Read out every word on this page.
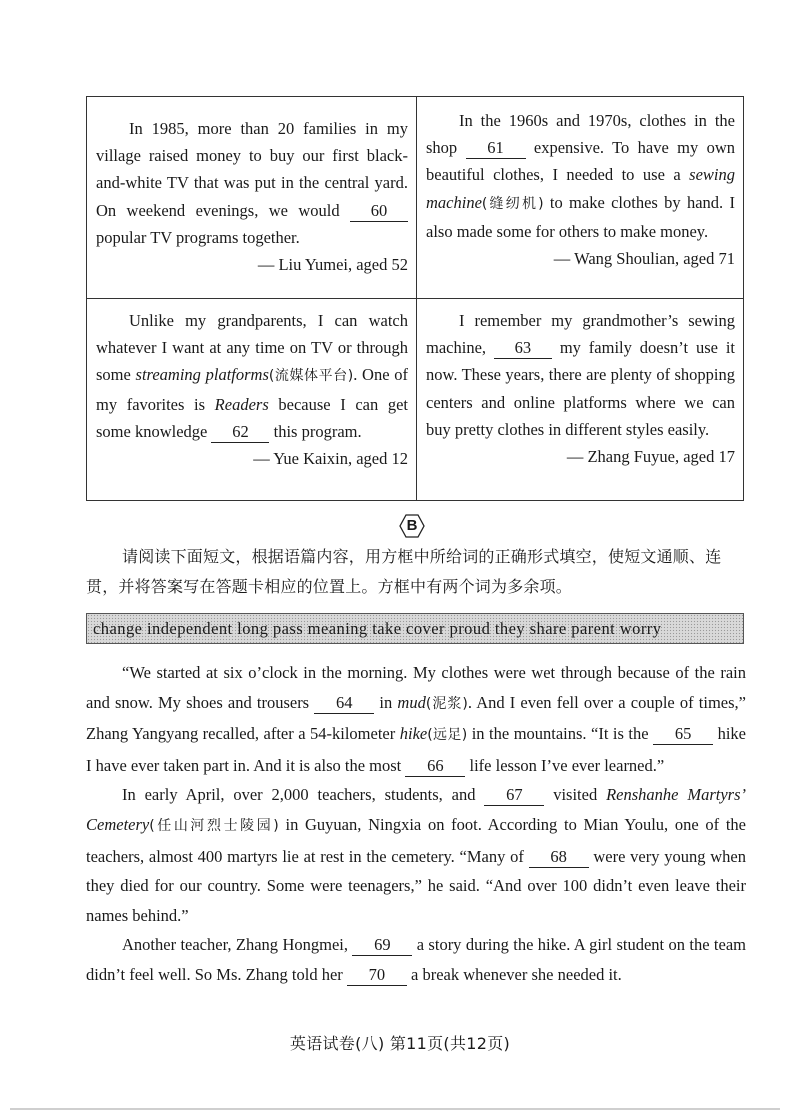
In 1985, more than 20 families in my village raised money to buy our first black-and-white TV that was put in the central yard. On weekend evenings, we would 60 popular TV programs together.

— Liu Yumei, aged 52

In the 1960s and 1970s, clothes in the shop 61 expensive. To have my own beautiful clothes, I needed to use a sewing machine(缝纫机) to make clothes by hand. I also made some for others to make money.

— Wang Shoulian, aged 71

Unlike my grandparents, I can watch whatever I want at any time on TV or through some streaming platforms(流媒体平台). One of my favorites is Readers because I can get some knowledge 62 this program.

— Yue Kaixin, aged 12

I remember my grandmother’s sewing machine, 63 my family doesn’t use it now. These years, there are plenty of shopping centers and online platforms where we can buy pretty clothes in different styles easily.

— Zhang Fuyue, aged 17

B

请阅读下面短文，根据语篇内容，用方框中所给词的正确形式填空，使短文通顺、连贯，并将答案写在答题卡相应的位置上。方框中有两个词为多余项。

change independent long pass meaning take cover proud they share parent worry

“We started at six o’clock in the morning. My clothes were wet through because of the rain and snow. My shoes and trousers 64 in mud(泥浆). And I even fell over a couple of times,” Zhang Yangyang recalled, after a 54-kilometer hike(远足) in the mountains. “It is the 65 hike I have ever taken part in. And it is also the most 66 life lesson I’ve ever learned.”

In early April, over 2,000 teachers, students, and 67 visited Renshanhe Martyrs’ Cemetery(任山河烈士陵园) in Guyuan, Ningxia on foot. According to Mian Youlu, one of the teachers, almost 400 martyrs lie at rest in the cemetery. “Many of 68 were very young when they died for our country. Some were teenagers,” he said. “And over 100 didn’t even leave their names behind.”

Another teacher, Zhang Hongmei, 69 a story during the hike. A girl student on the team didn’t feel well. So Ms. Zhang told her 70 a break whenever she needed it.

英语试卷(八) 第11页(共12页)
